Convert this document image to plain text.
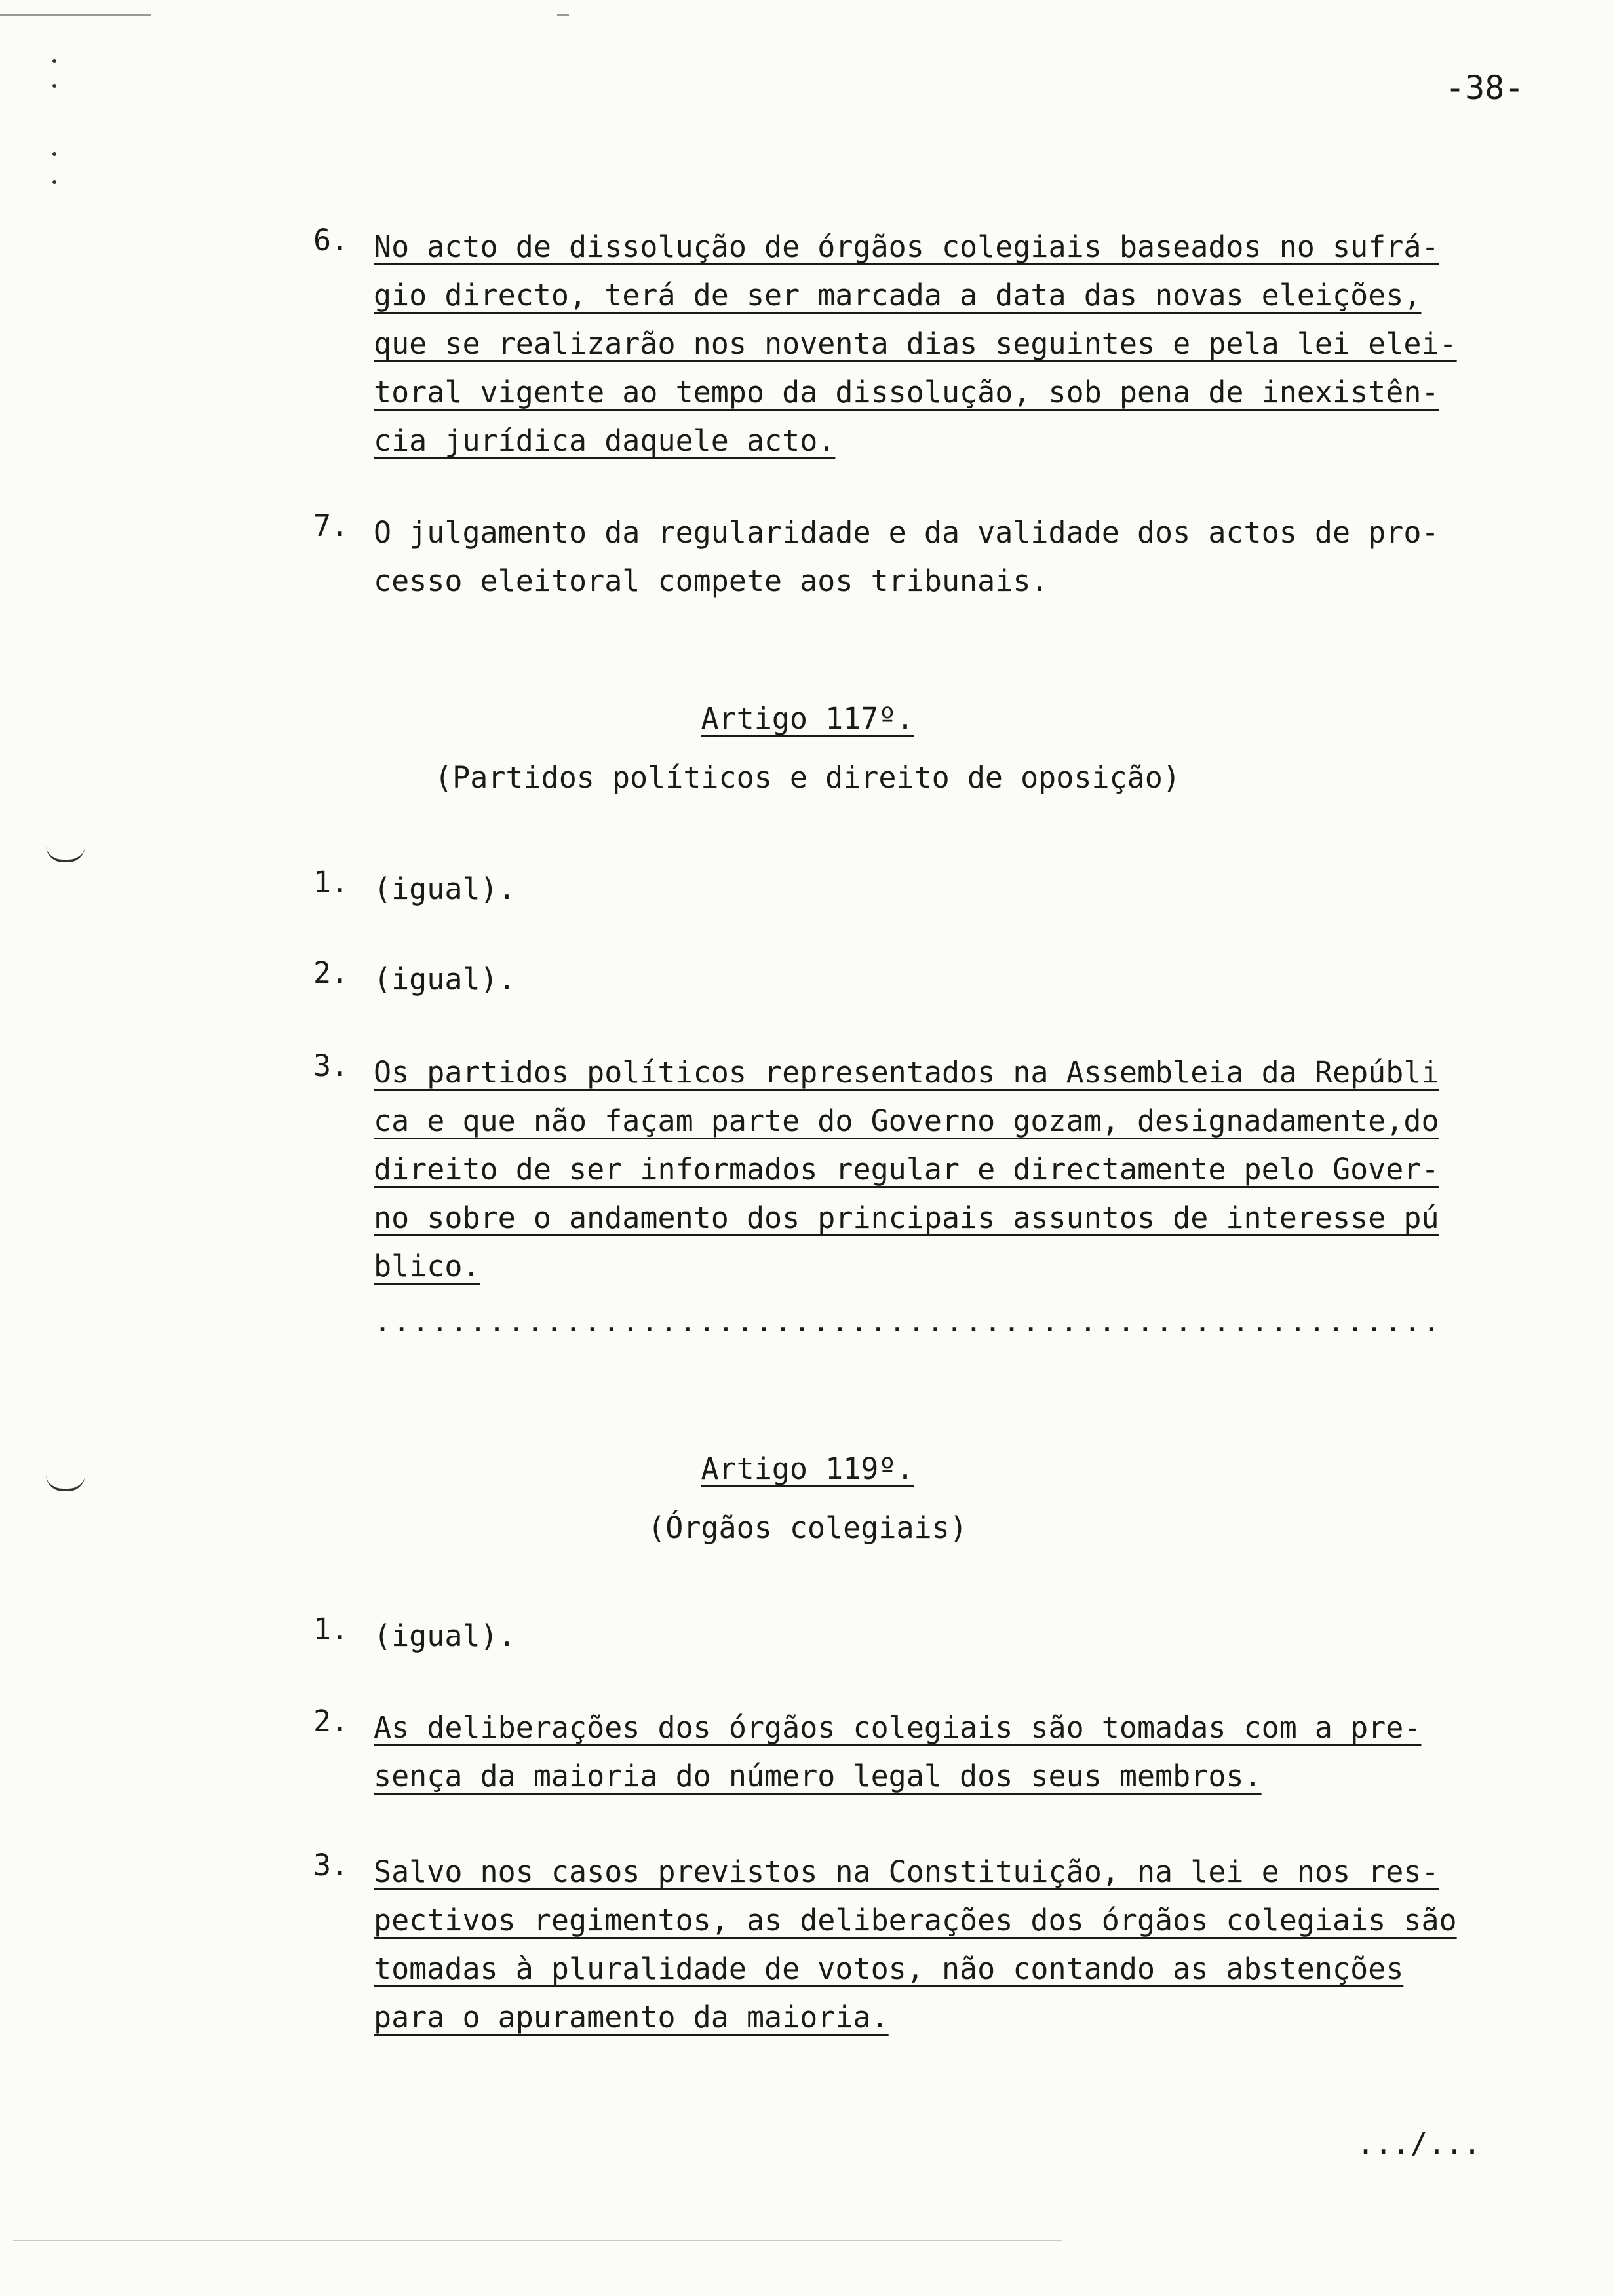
-38-
6. No acto de dissolução de órgãos colegiais baseados no sufrá-
gio directo, terá de ser marcada a data das novas eleições,
que se realizarão nos noventa dias seguintes e pela lei elei-
toral vigente ao tempo da dissolução, sob pena de inexistên-
cia jurídica daquele acto.
7. O julgamento da regularidade e da validade dos actos de pro-
cesso eleitoral compete aos tribunais.
Artigo 117º.
(Partidos políticos e direito de oposição)
1. (igual).
2. (igual).
3. Os partidos políticos representados na Assembleia da Repúbli
ca e que não façam parte do Governo gozam, designadamente,do
direito de ser informados regular e directamente pelo Gover-
no sobre o andamento dos principais assuntos de interesse pú
blico.
........................................................
Artigo 119º.
(Órgãos colegiais)
1. (igual).
2. As deliberações dos órgãos colegiais são tomadas com a pre-
sença da maioria do número legal dos seus membros.
3. Salvo nos casos previstos na Constituição, na lei e nos res-
pectivos regimentos, as deliberações dos órgãos colegiais são
tomadas à pluralidade de votos, não contando as abstenções
para o apuramento da maioria.
.../...
